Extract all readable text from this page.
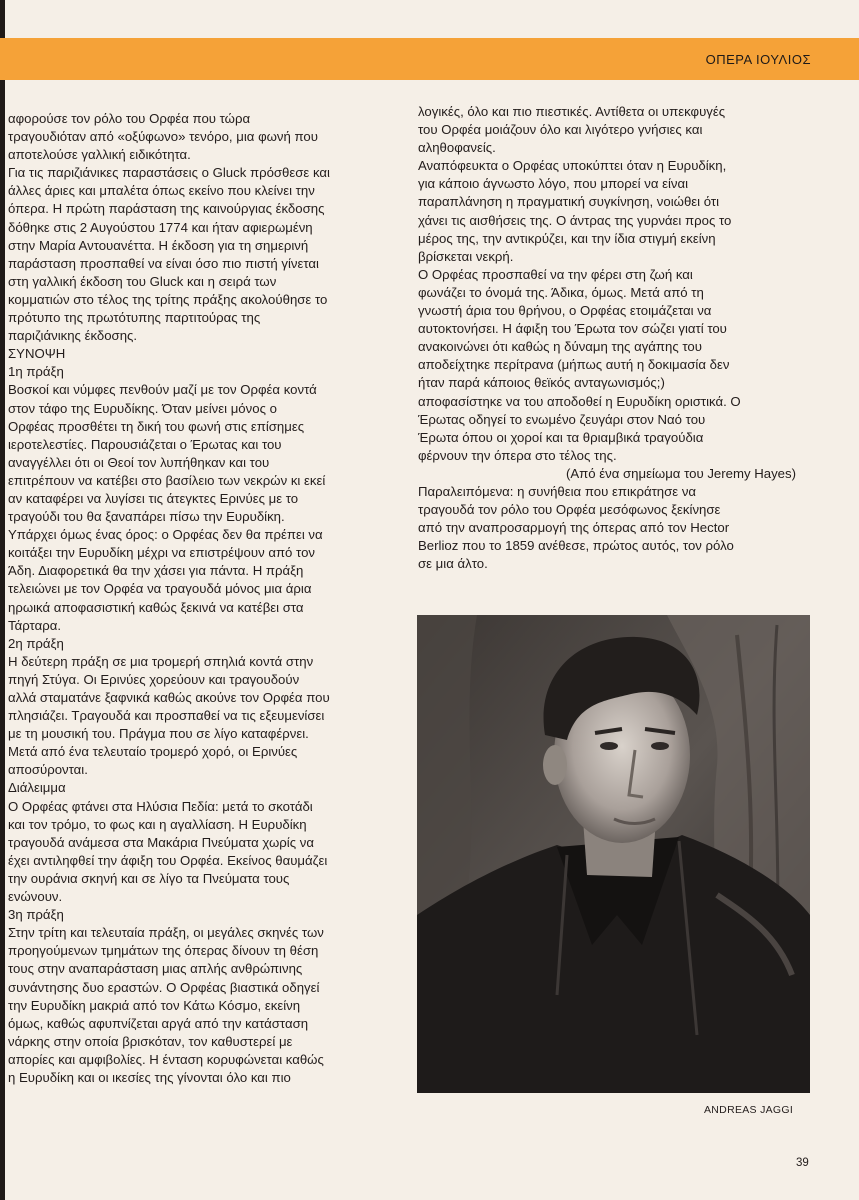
ΟΠΕΡΑ ΙΟΥΛΙΟΣ

αφορούσε τον ρόλο του Ορφέα που τώρα
τραγουδιόταν από «οξύφωνο» τενόρο, μια φωνή που
αποτελούσε γαλλική ειδικότητα.
Για τις παριζιάνικες παραστάσεις ο Gluck πρόσθεσε και
άλλες άριες και μπαλέτα όπως εκείνο που κλείνει την
όπερα. Η πρώτη παράσταση της καινούργιας έκδοσης
δόθηκε στις 2 Αυγούστου 1774 και ήταν αφιερωμένη
στην Μαρία Αντουανέττα. Η έκδοση για τη σημερινή
παράσταση προσπαθεί να είναι όσο πιο πιστή γίνεται
στη γαλλική έκδοση του Gluck και η σειρά των
κομματιών στο τέλος της τρίτης πράξης ακολούθησε το
πρότυπο της πρωτότυπης παρτιτούρας της
παριζιάνικης έκδοσης.

ΣΥΝΟΨΗ

1η πράξη

Βοσκοί και νύμφες πενθούν μαζί με τον Ορφέα κοντά
στον τάφο της Ευρυδίκης. Όταν μείνει μόνος ο
Ορφέας προσθέτει τη δική του φωνή στις επίσημες
ιεροτελεστίες. Παρουσιάζεται ο Έρωτας και του
αναγγέλλει ότι οι Θεοί τον λυπήθηκαν και του
επιτρέπουν να κατέβει στο βασίλειο των νεκρών κι εκεί
αν καταφέρει να λυγίσει τις άτεγκτες Ερινύες με το
τραγούδι του θα ξαναπάρει πίσω την Ευρυδίκη.
Υπάρχει όμως ένας όρος: ο Ορφέας δεν θα πρέπει να
κοιτάξει την Ευρυδίκη μέχρι να επιστρέψουν από τον
Άδη. Διαφορετικά θα την χάσει για πάντα. Η πράξη
τελειώνει με τον Ορφέα να τραγουδά μόνος μια άρια
ηρωικά αποφασιστική καθώς ξεκινά να κατέβει στα
Τάρταρα.

2η πράξη

Η δεύτερη πράξη σε μια τρομερή σπηλιά κοντά στην
πηγή Στύγα. Οι Ερινύες χορεύουν και τραγουδούν
αλλά σταματάνε ξαφνικά καθώς ακούνε τον Ορφέα που
πλησιάζει. Τραγουδά και προσπαθεί να τις εξευμενίσει
με τη μουσική του. Πράγμα που σε λίγο καταφέρνει.
Μετά από ένα τελευταίο τρομερό χορό, οι Ερινύες
αποσύρονται.

Διάλειμμα

Ο Ορφέας φτάνει στα Ηλύσια Πεδία: μετά το σκοτάδι
και τον τρόμο, το φως και η αγαλλίαση. Η Ευρυδίκη
τραγουδά ανάμεσα στα Μακάρια Πνεύματα χωρίς να
έχει αντιληφθεί την άφιξη του Ορφέα. Εκείνος θαυμάζει
την ουράνια σκηνή και σε λίγο τα Πνεύματα τους
ενώνουν.

3η πράξη

Στην τρίτη και τελευταία πράξη, οι μεγάλες σκηνές των
προηγούμενων τμημάτων της όπερας δίνουν τη θέση
τους στην αναπαράσταση μιας απλής ανθρώπινης
συνάντησης δυο εραστών. Ο Ορφέας βιαστικά οδηγεί
την Ευρυδίκη μακριά από τον Κάτω Κόσμο, εκείνη
όμως, καθώς αφυπνίζεται αργά από την κατάσταση
νάρκης στην οποία βρισκόταν, τον καθυστερεί με
απορίες και αμφιβολίες. Η ένταση κορυφώνεται καθώς
η Ευρυδίκη και οι ικεσίες της γίνονται όλο και πιο

λογικές, όλο και πιο πιεστικές. Αντίθετα οι υπεκφυγές
του Ορφέα μοιάζουν όλο και λιγότερο γνήσιες και
αληθοφανείς.
Αναπόφευκτα ο Ορφέας υποκύπτει όταν η Ευρυδίκη,
για κάποιο άγνωστο λόγο, που μπορεί να είναι
παραπλάνηση η πραγματική συγκίνηση, νοιώθει ότι
χάνει τις αισθήσεις της. Ο άντρας της γυρνάει προς το
μέρος της, την αντικρύζει, και την ίδια στιγμή εκείνη
βρίσκεται νεκρή.
Ο Ορφέας προσπαθεί να την φέρει στη ζωή και
φωνάζει το όνομά της. Άδικα, όμως. Μετά από τη
γνωστή άρια του θρήνου, ο Ορφέας ετοιμάζεται να
αυτοκτονήσει. Η άφιξη του Έρωτα τον σώζει γιατί του
ανακοινώνει ότι καθώς η δύναμη της αγάπης του
αποδείχτηκε περίτρανα (μήπως αυτή η δοκιμασία δεν
ήταν παρά κάποιος θεϊκός ανταγωνισμός;)
αποφασίστηκε να του αποδοθεί η Ευρυδίκη οριστικά. Ο
Έρωτας οδηγεί το ενωμένο ζευγάρι στον Ναό του
Έρωτα όπου οι χοροί και τα θριαμβικά τραγούδια
φέρνουν την όπερα στο τέλος της.

(Από ένα σημείωμα του Jeremy Hayes)

Παραλειπόμενα: η συνήθεια που επικράτησε να
τραγουδά τον ρόλο του Ορφέα μεσόφωνος ξεκίνησε
από την αναπροσαρμογή της όπερας από τον Hector
Berlioz που το 1859 ανέθεσε, πρώτος αυτός, τον ρόλο
σε μια άλτο.

ANDREAS JAGGI
39
